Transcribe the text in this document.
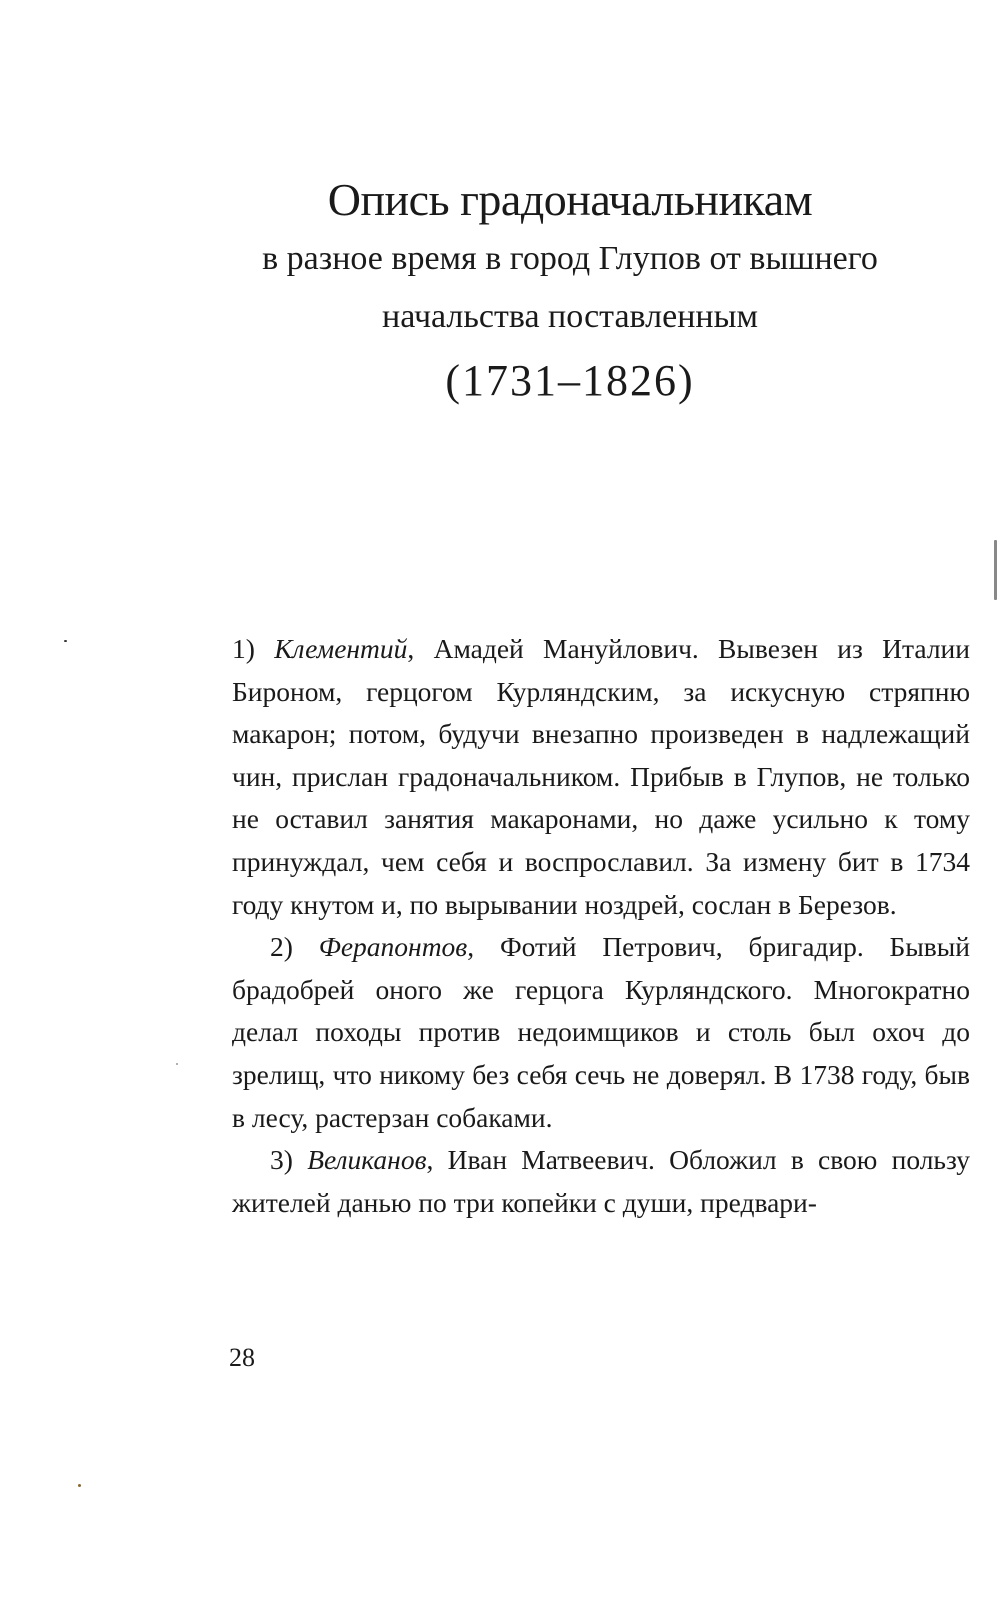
Опись градоначальникам
в разное время в город Глупов от вышнего
начальства поставленным
(1731–1826)

1) Клементий, Амадей Мануйлович. Вывезен из Италии Бироном, герцогом Курляндским, за искусную стряпню макарон; потом, будучи внезапно произведен в надлежащий чин, прислан градоначальником. Прибыв в Глупов, не только не оставил занятия макаронами, но даже усильно к тому принуждал, чем себя и воспрославил. За измену бит в 1734 году кнутом и, по вырывании ноздрей, сослан в Березов.

2) Ферапонтов, Фотий Петрович, бригадир. Бывый брадобрей оного же герцога Курляндского. Многократно делал походы против недоимщиков и столь был охоч до зрелищ, что никому без себя сечь не доверял. В 1738 году, быв в лесу, растерзан собаками.

3) Великанов, Иван Матвеевич. Обложил в свою пользу жителей данью по три копейки с души, предвари-

28
